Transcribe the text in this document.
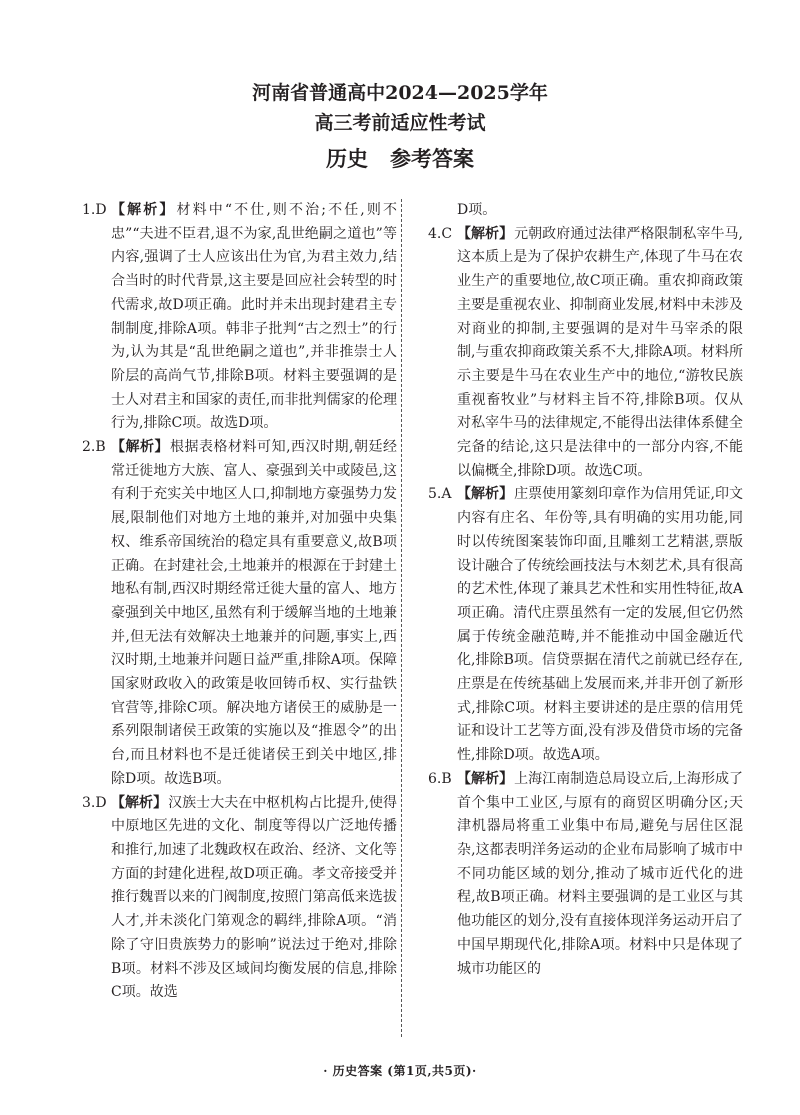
河南省普通高中2024—2025学年
高三考前适应性考试
历史 参考答案

1.D 【解析】材料中“不仕,则不治;不任,则不忠”“夫进不臣君,退不为家,乱世绝嗣之道也”等内容,强调了士人应该出仕为官,为君主效力,结合当时的时代背景,这主要是回应社会转型的时代需求,故D项正确。此时并未出现封建君主专制制度,排除A项。韩非子批判“古之烈士”的行为,认为其是“乱世绝嗣之道也”,并非推崇士人阶层的高尚气节,排除B项。材料主要强调的是士人对君主和国家的责任,而非批判儒家的伦理行为,排除C项。故选D项。

2.B 【解析】根据表格材料可知,西汉时期,朝廷经常迁徙地方大族、富人、豪强到关中或陵邑,这有利于充实关中地区人口,抑制地方豪强势力发展,限制他们对地方土地的兼并,对加强中央集权、维系帝国统治的稳定具有重要意义,故B项正确。在封建社会,土地兼并的根源在于封建土地私有制,西汉时期经常迁徙大量的富人、地方豪强到关中地区,虽然有利于缓解当地的土地兼并,但无法有效解决土地兼并的问题,事实上,西汉时期,土地兼并问题日益严重,排除A项。保障国家财政收入的政策是收回铸币权、实行盐铁官营等,排除C项。解决地方诸侯王的威胁是一系列限制诸侯王政策的实施以及“推恩令”的出台,而且材料也不是迁徙诸侯王到关中地区,排除D项。故选B项。

3.D 【解析】汉族士大夫在中枢机构占比提升,使得中原地区先进的文化、制度等得以广泛地传播和推行,加速了北魏政权在政治、经济、文化等方面的封建化进程,故D项正确。孝文帝接受并推行魏晋以来的门阀制度,按照门第高低来选拔人才,并未淡化门第观念的羁绊,排除A项。“消除了守旧贵族势力的影响”说法过于绝对,排除B项。材料不涉及区域间均衡发展的信息,排除C项。故选

D项。

4.C 【解析】元朝政府通过法律严格限制私宰牛马,这本质上是为了保护农耕生产,体现了牛马在农业生产的重要地位,故C项正确。重农抑商政策主要是重视农业、抑制商业发展,材料中未涉及对商业的抑制,主要强调的是对牛马宰杀的限制,与重农抑商政策关系不大,排除A项。材料所示主要是牛马在农业生产中的地位,“游牧民族重视畜牧业”与材料主旨不符,排除B项。仅从对私宰牛马的法律规定,不能得出法律体系健全完备的结论,这只是法律中的一部分内容,不能以偏概全,排除D项。故选C项。

5.A 【解析】庄票使用篆刻印章作为信用凭证,印文内容有庄名、年份等,具有明确的实用功能,同时以传统图案装饰印面,且雕刻工艺精湛,票版设计融合了传统绘画技法与木刻艺术,具有很高的艺术性,体现了兼具艺术性和实用性特征,故A项正确。清代庄票虽然有一定的发展,但它仍然属于传统金融范畴,并不能推动中国金融近代化,排除B项。信贷票据在清代之前就已经存在,庄票是在传统基础上发展而来,并非开创了新形式,排除C项。材料主要讲述的是庄票的信用凭证和设计工艺等方面,没有涉及借贷市场的完备性,排除D项。故选A项。

6.B 【解析】上海江南制造总局设立后,上海形成了首个集中工业区,与原有的商贸区明确分区;天津机器局将重工业集中布局,避免与居住区混杂,这都表明洋务运动的企业布局影响了城市中不同功能区域的划分,推动了城市近代化的进程,故B项正确。材料主要强调的是工业区与其他功能区的划分,没有直接体现洋务运动开启了中国早期现代化,排除A项。材料中只是体现了城市功能区的

· 历史答案 (第1页,共5页)·
